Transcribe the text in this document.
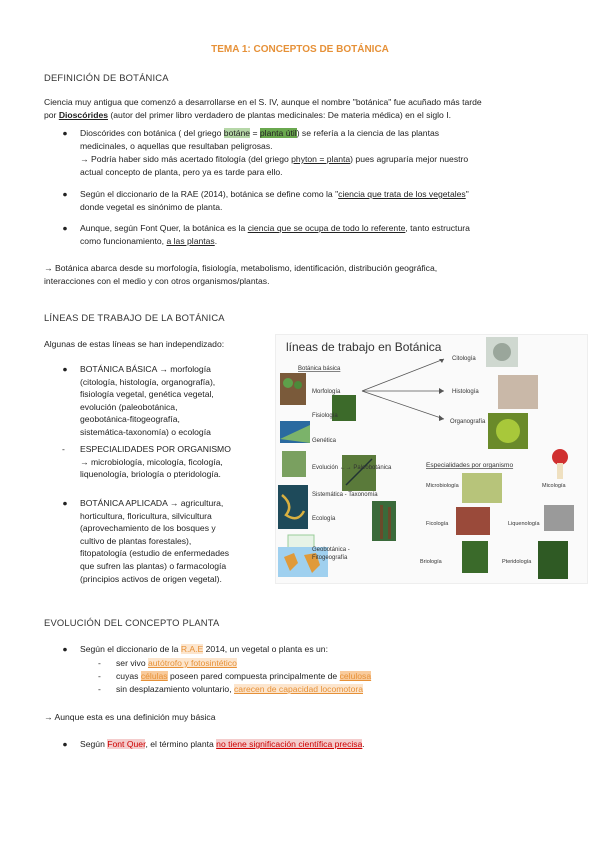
TEMA 1: CONCEPTOS DE BOTÁNICA
DEFINICIÓN DE BOTÁNICA
Ciencia muy antigua que comenzó a desarrollarse en el S. IV, aunque el nombre "botánica" fue acuñado más tarde
por Dioscórides (autor del primer libro verdadero de plantas medicinales: De materia médica) en el siglo I.
● Dioscórides con botánica ( del griego botáne = planta útil) se refería a la ciencia de las plantas
medicinales, o aquellas que resultaban peligrosas.
→ Podría haber sido más acertado fitología (del griego phyton = planta) pues agruparía mejor nuestro
actual concepto de planta, pero ya es tarde para ello.
● Según el diccionario de la RAE (2014), botánica se define como la "ciencia que trata de los vegetales"
donde vegetal es sinónimo de planta.
● Aunque, según Font Quer, la botánica es la ciencia que se ocupa de todo lo referente, tanto estructura
como funcionamiento, a las plantas.
→ Botánica abarca desde su morfología, fisiología, metabolismo, identificación, distribución geográfica,
interacciones con el medio y con otros organismos/plantas.
LÍNEAS DE TRABAJO DE LA BOTÁNICA
Algunas de estas líneas se han independizado:
● BOTÁNICA BÁSICA → morfología
(citología, histología, organografía),
fisiología vegetal, genética vegetal,
evolución (paleobotánica,
geobotánica-fitogeografía,
sistemática-taxonomía) o ecología
-	ESPECIALIDADES POR ORGANISMO
→ microbiología, micología, ficología,
liquenología, briología o pteridología.
● BOTÁNICA APLICADA → agricultura,
horticultura, floricultura, silvicultura
(aprovechamiento de los bosques y
cultivo de plantas forestales),
fitopatología (estudio de enfermedades
que sufren las plantas) o farmacología
(principios activos de origen vegetal).
líneas de trabajo en Botánica
Botánica básica
Morfología
Fisiología
Genética
Evolución ←→ Paleobotánica
Sistemática - Taxonomía
Ecología
Geobotánica -
Fitogeografía
Citología
Histología
Organografía
Especialidades por organismo
Microbiología	Micología
Ficología	Liquenología
Briología	Pteridología
EVOLUCIÓN DEL CONCEPTO PLANTA
● Según el diccionario de la R.A.E 2014, un vegetal o planta es un:
-	ser vivo autótrofo y fotosintético
-	cuyas células poseen pared compuesta principalmente de celulosa
-	sin desplazamiento voluntario, carecen de capacidad locomotora
→ Aunque esta es una definición muy básica
● Según Font Quer, el término planta no tiene significación científica precisa.
